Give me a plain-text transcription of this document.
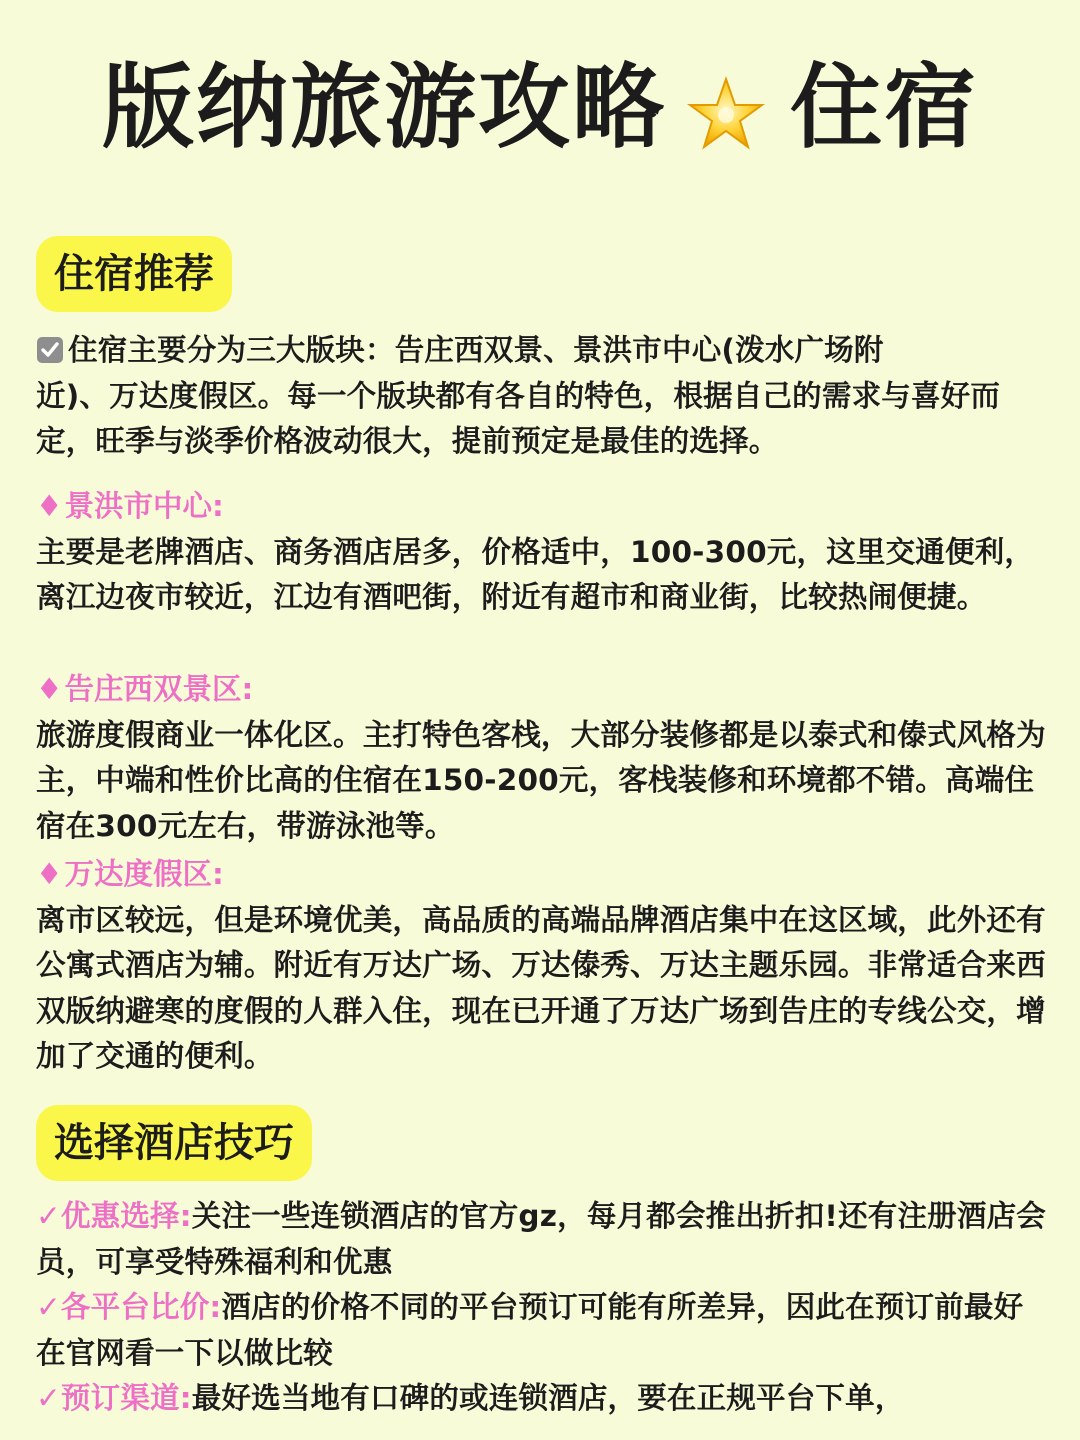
版纳旅游攻略 住宿
住宿推荐
住宿主要分为三大版块：告庄西双景、景洪市中心(泼水广场附
近)、万达度假区。每一个版块都有各自的特色，根据自己的需求与喜好而定，旺季与淡季价格波动很大，提前预定是最佳的选择。
♦景洪市中心:
主要是老牌酒店、商务酒店居多，价格适中，100-300元，这里交通便利，离江边夜市较近，江边有酒吧街，附近有超市和商业街，比较热闹便捷。
♦告庄西双景区:
旅游度假商业一体化区。主打特色客栈，大部分装修都是以泰式和傣式风格为主，中端和性价比高的住宿在150-200元，客栈装修和环境都不错。高端住宿在300元左右，带游泳池等。
♦万达度假区:
离市区较远，但是环境优美，高品质的高端品牌酒店集中在这区域，此外还有公寓式酒店为辅。附近有万达广场、万达傣秀、万达主题乐园。非常适合来西双版纳避寒的度假的人群入住，现在已开通了万达广场到告庄的专线公交，增加了交通的便利。
选择酒店技巧
✓优惠选择:关注一些连锁酒店的官方gz，每月都会推出折扣!还有注册酒店会员，可享受特殊福利和优惠
✓各平台比价:酒店的价格不同的平台预订可能有所差异，因此在预订前最好在官网看一下以做比较
✓预订渠道:最好选当地有口碑的或连锁酒店，要在正规平台下单，
